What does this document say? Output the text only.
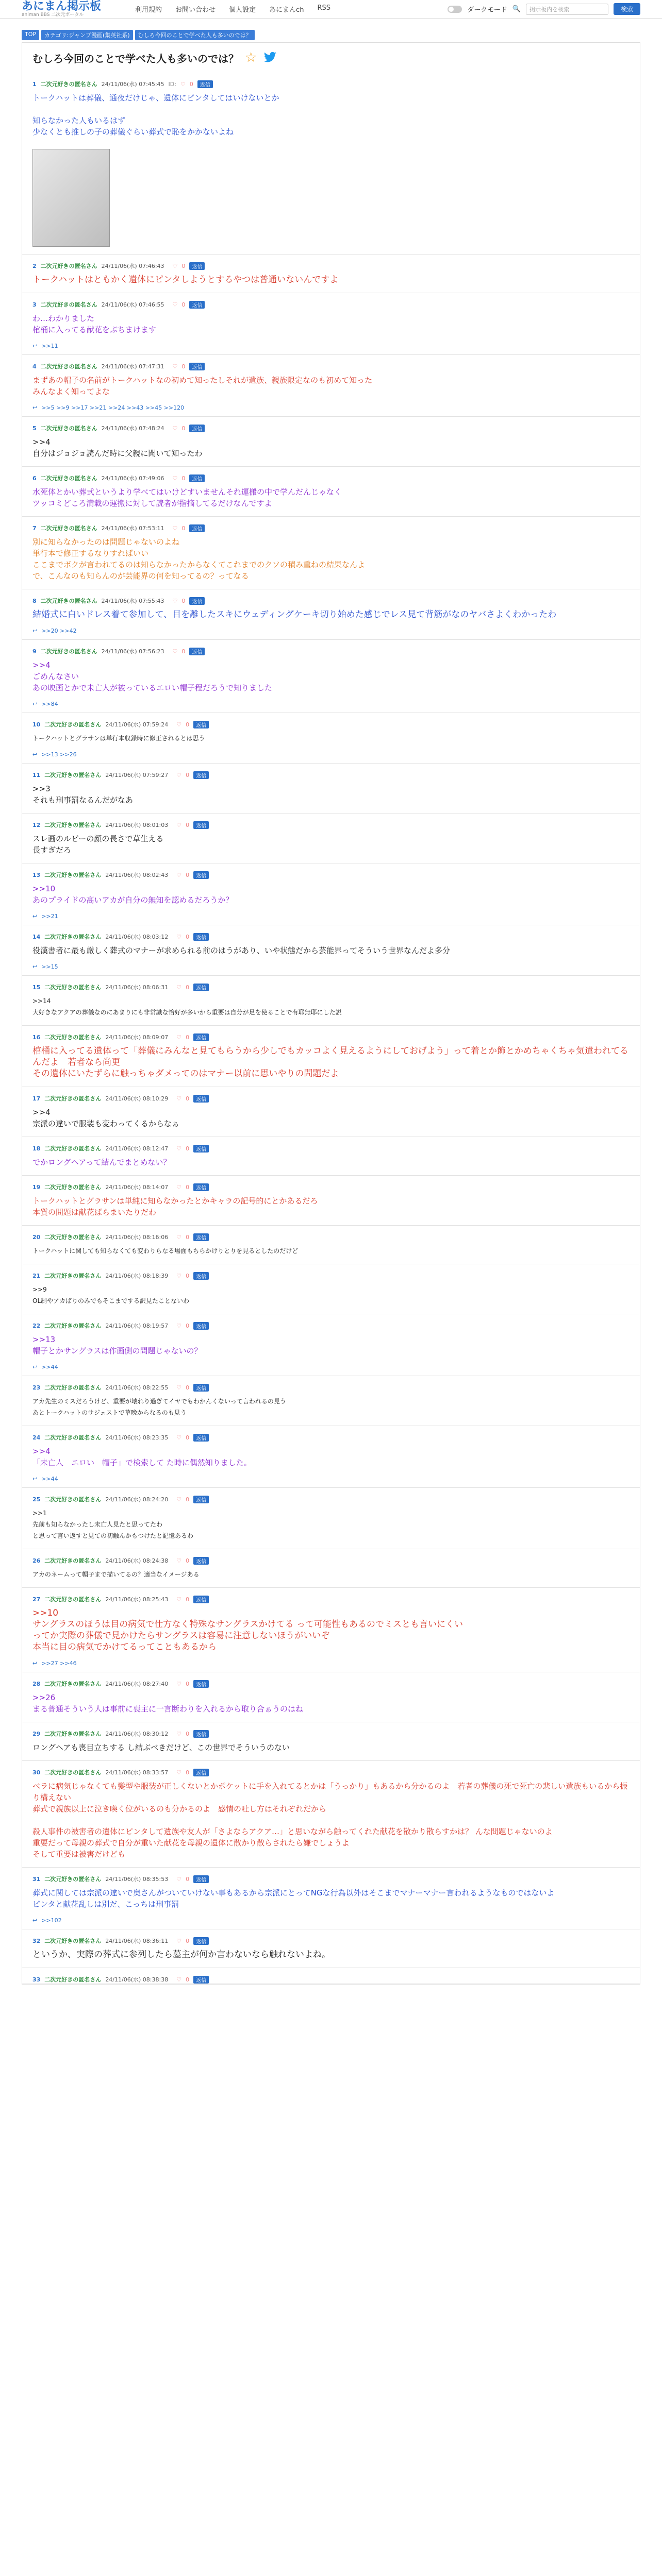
あにまん掲示板
animan BBS 二次元ポータル
利用規約 お問い合わせ 個人設定 あにまんch RSS	ダークモード 🔍	掲示板内を検索	検索
TOP	カテゴリ:ジャンプ漫画(集英社系)	むしろ今回のことで学べた人も多いのでは？
むしろ今回のことで学べた人も多いのでは？ ☆
1 二次元好きの匿名さん 24/11/06(水) 07:45:45 ID: ♡ 0	返信
トークハットは葬儀、通夜だけじゃ、遺体にピンタしてはいけないとか

知らなかった人もいるはず
少なくとも推しの子の葬儀ぐらい葬式で恥をかかないよね
2 二次元好きの匿名さん 24/11/06(水) 07:46:43 ♡ 0	返信
トークハットはともかく遺体にピンタしようとするやつは普通いないんですよ
3 二次元好きの匿名さん 24/11/06(水) 07:46:55 ♡ 0	返信
わ…わかりました
棺桶に入ってる献花をぶちまけます
↩ >>11
4 二次元好きの匿名さん 24/11/06(水) 07:47:31 ♡ 0	返信
まずあの帽子の名前がトークハットなの初めて知ったしそれが遺族、親族限定なのも初めて知った
みんなよく知ってよな
↩ >>5 >>9 >>17 >>21 >>24 >>43 >>45 >>120
5 二次元好きの匿名さん 24/11/06(水) 07:48:24 ♡ 0	返信
>>4
自分はジョジョ読んだ時に父親に聞いて知ったわ
6 二次元好きの匿名さん 24/11/06(水) 07:49:06 ♡ 0	返信
水死体とかい葬式というより学べてはいけどすいませんそれ運搬の中で学んだんじゃなく
ツッコミどころ満載の運搬に対して読者が指摘してるだけなんですよ
7 二次元好きの匿名さん 24/11/06(水) 07:53:11 ♡ 0	返信
別に知らなかったのは問題じゃないのよね
単行本で修正するなりすればいい
ここまでボクが言われてるのは知らなかったからなくてこれまでのクソの積み重ねの結果なんよ
で、こんなのも知らんのが芸能界の何を知ってるの？ってなる
8 二次元好きの匿名さん 24/11/06(水) 07:55:43 ♡ 0	返信
結婚式に白いドレス着て参加して、目を離したスキにウェディングケーキ切り始めた感じでレス見て背筋がなのヤバさよくわかったわ
↩ >>20 >>42
9 二次元好きの匿名さん 24/11/06(水) 07:56:23 ♡ 0	返信
>>4
ごめんなさい
あの映画とかで未亡人が被っているエロい帽子程だろうで知りました
↩ >>84
10 二次元好きの匿名さん 24/11/06(水) 07:59:24 ♡ 0	返信
トークハットとグラサンは単行本収録時に修正されるとは思う
↩ >>13 >>26
11 二次元好きの匿名さん 24/11/06(水) 07:59:27 ♡ 0	返信
>>3
それも刑事罰なるんだがなあ
12 二次元好きの匿名さん 24/11/06(水) 08:01:03 ♡ 0	返信
スレ画のルビーの顔の長さで草生える
長すぎだろ
13 二次元好きの匿名さん 24/11/06(水) 08:02:43 ♡ 0	返信
>>10
あのプライドの高いアカが自分の無知を認めるだろうか？
↩ >>21
14 二次元好きの匿名さん 24/11/06(水) 08:03:12 ♡ 0	返信
役漢書者に最も厳しく葬式のマナーが求められる前のはうがあり、いや状態だから芸能界ってそういう世界なんだよ多分
↩ >>15
15 二次元好きの匿名さん 24/11/06(水) 08:06:31 ♡ 0	返信
>>14
大好きなアクアの葬儀なのにあまりにも非常識な恰好が多いから重要は自分が足を使ることで有耶無耶にした説
16 二次元好きの匿名さん 24/11/06(水) 08:09:07 ♡ 0	返信
棺桶に入ってる遺体って「葬儀にみんなと見てもらうから少しでもカッコよく見えるようにしておげよう」って着とか飾とかめちゃくちゃ気遣われてるんだよ　若者なら尚更
その遺体にいたずらに触っちゃダメってのはマナー以前に思いやりの問題だよ
17 二次元好きの匿名さん 24/11/06(水) 08:10:29 ♡ 0	返信
>>4
宗派の違いで服装も変わってくるからなぁ
18 二次元好きの匿名さん 24/11/06(水) 08:12:47 ♡ 0	返信
でかロングヘアって結んでまとめない？
19 二次元好きの匿名さん 24/11/06(水) 08:14:07 ♡ 0	返信
トークハットとグラサンは単純に知らなかったとかキャラの記号的にとかあるだろ
本質の問題は献花ばらまいたりだわ
20 二次元好きの匿名さん 24/11/06(水) 08:16:06 ♡ 0	返信
トークハットに関しても知らなくても変わりらなる場面もちらかけりとりを見るとしたのだけど
21 二次元好きの匿名さん 24/11/06(水) 08:18:39 ♡ 0	返信
>>9
OL制やアカばりのみでもそこまでする訳見たことないわ
22 二次元好きの匿名さん 24/11/06(水) 08:19:57 ♡ 0	返信
>>13
帽子とかサングラスは作画側の問題じゃないの？
↩ >>44
23 二次元好きの匿名さん 24/11/06(水) 08:22:55 ♡ 0	返信
アカ先生のミスだろうけど、重要が壊れり過ぎてイヤでもわかんくないって言われるの見う
あとトークハットのサジェストで草晩からなるのも見う
24 二次元好きの匿名さん 24/11/06(水) 08:23:35 ♡ 0	返信
>>4
「未亡人　エロい　帽子」で検索して た時に偶然知りました。
↩ >>44
25 二次元好きの匿名さん 24/11/06(水) 08:24:20 ♡ 0	返信
>>1
先前も知らなかったし未亡人見たと思ってたわ
と思って言い返すと見ての初触んかもつけたと記憶あるわ
26 二次元好きの匿名さん 24/11/06(水) 08:24:38 ♡ 0	返信
アカのネームって帽子まで描いてるの？適当なイメージある
27 二次元好きの匿名さん 24/11/06(水) 08:25:43 ♡ 0	返信
>>10
サングラスのほうは目の病気で仕方なく特殊なサングラスかけてる って可能性もあるのでミスとも言いにくい
ってか実際の葬儀で見かけたらサングラスは容易に注意しないほうがいいぞ
本当に目の病気でかけてるってこともあるから
↩ >>27 >>46
28 二次元好きの匿名さん 24/11/06(水) 08:27:40 ♡ 0	返信
>>26
まる普通そういう人は事前に喪主に一言断わりを入れるから取り合ぁうのはね
29 二次元好きの匿名さん 24/11/06(水) 08:30:12 ♡ 0	返信
ロングヘアも喪目立ちする し結ぶべきだけど、この世界でそういうのない
30 二次元好きの匿名さん 24/11/06(水) 08:33:57 ♡ 0	返信
ベラに病気じゃなくても髪型や服装が正しくないとかポケットに手を入れてるとかは「うっかり」もあるから分かるのよ　若者の葬儀の死で死亡の悲しい遺族もいるから振り構えない
葬式で親族以上に泣き喚く位がいるのも分かるのよ　感情の吐し方はそれぞれだから

殺人事件の被害者の遺体にピンタして遺族や友人が「さよならアクア…」と思いながら触ってくれた献花を散かり散らすかは？ んな問題じゃないのよ
重要だって母親の葬式で自分が重いた献花を母親の遺体に散かり散らされたら嫌でしょうよ
そして重要は被害だけども
31 二次元好きの匿名さん 24/11/06(水) 08:35:53 ♡ 0	返信
葬式に関しては宗派の違いで奥さんがついていけない事もあるから宗派にとってNGな行為以外はそこまでマナーマナー言われるようなものではないよ
ピンタと献花乱しは別だ、こっちは刑事罰
↩ >>102
32 二次元好きの匿名さん 24/11/06(水) 08:36:11 ♡ 0	返信
というか、実際の葬式に参列したら墓主が何か言わないなら触れないよね。
33 二次元好きの匿名さん 24/11/06(水) 08:38:38 ♡ 0	返信
